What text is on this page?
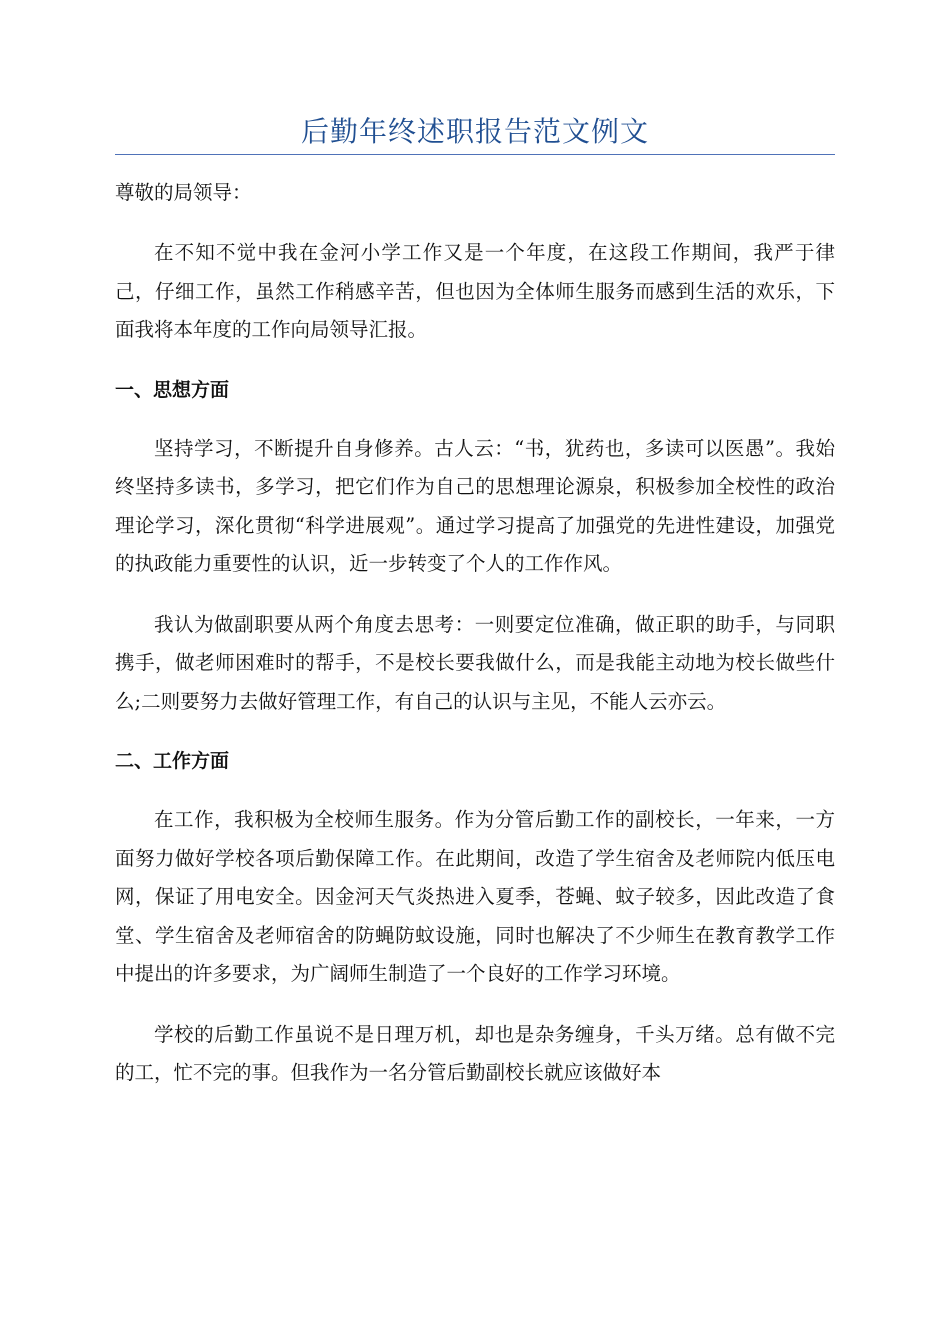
后勤年终述职报告范文例文

尊敬的局领导：

在不知不觉中我在金河小学工作又是一个年度，在这段工作期间，我严于律己，仔细工作，虽然工作稍感辛苦，但也因为全体师生服务而感到生活的欢乐，下面我将本年度的工作向局领导汇报。

一、思想方面

坚持学习，不断提升自身修养。古人云：“书，犹药也，多读可以医愚”。我始终坚持多读书，多学习，把它们作为自己的思想理论源泉，积极参加全校性的政治理论学习，深化贯彻“科学进展观”。通过学习提高了加强党的先进性建设，加强党的执政能力重要性的认识，近一步转变了个人的工作作风。

我认为做副职要从两个角度去思考：一则要定位准确，做正职的助手，与同职携手，做老师困难时的帮手，不是校长要我做什么，而是我能主动地为校长做些什么;二则要努力去做好管理工作，有自己的认识与主见，不能人云亦云。

二、工作方面

在工作，我积极为全校师生服务。作为分管后勤工作的副校长，一年来，一方面努力做好学校各项后勤保障工作。在此期间，改造了学生宿舍及老师院内低压电网，保证了用电安全。因金河天气炎热进入夏季，苍蝇、蚊子较多，因此改造了食堂、学生宿舍及老师宿舍的防蝇防蚊设施，同时也解决了不少师生在教育教学工作中提出的许多要求，为广阔师生制造了一个良好的工作学习环境。

学校的后勤工作虽说不是日理万机，却也是杂务缠身，千头万绪。总有做不完的工，忙不完的事。但我作为一名分管后勤副校长就应该做好本
